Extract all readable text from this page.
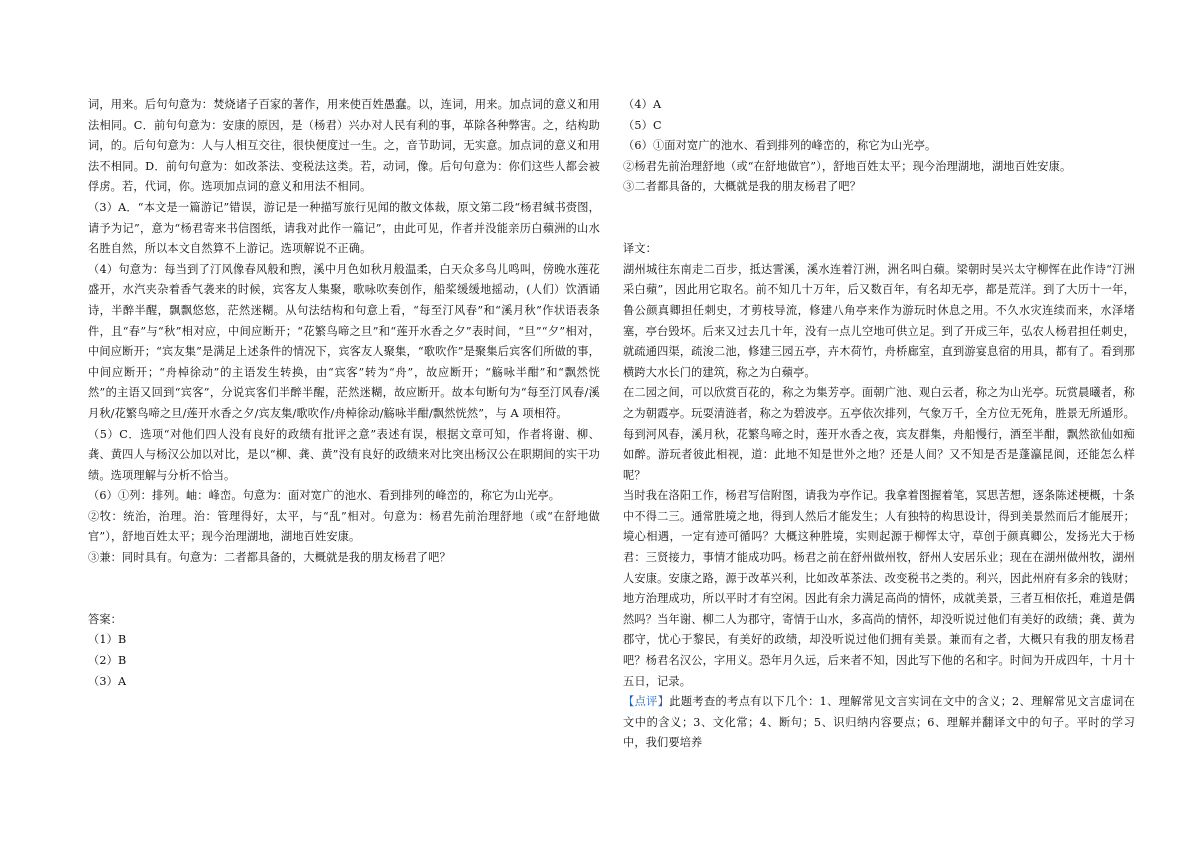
词，用来。后句句意为：焚烧诸子百家的著作，用来使百姓愚蠢。以，连词，用来。加点词的意义和用法相同。C．前句句意为：安康的原因，是（杨君）兴办对人民有利的事，革除各种弊害。之，结构助词，的。后句句意为：人与人相互交往，很快便度过一生。之，音节助词，无实意。加点词的意义和用法不相同。D．前句句意为：如改茶法、变税法这类。若，动词，像。后句句意为：你们这些人都会被俘虏。若，代词，你。选项加点词的意义和用法不相同。

（3）A．“本文是一篇游记”错误，游记是一种描写旅行见闻的散文体裁，原文第二段“杨君缄书赍图，请予为记”，意为“杨君寄来书信图纸，请我对此作一篇记”，由此可见，作者并没能亲历白蘋洲的山水名胜自然，所以本文自然算不上游记。选项解说不正确。

（4）句意为：每当到了汀风像春风般和煦，溪中月色如秋月般温柔，白天众多鸟儿鸣叫，傍晚水莲花盛开，水汽夹杂着香气袭来的时候，宾客友人集聚，歌咏吹奏创作，船桨缓缓地摇动，(人们）饮酒诵诗，半醉半醒，飘飘悠悠，茫然迷糊。从句法结构和句意上看，“每至汀风春”和“溪月秋”作状语表条件，且“春”与“秋”相对应，中间应断开；“花繁鸟啼之旦”和“莲开水香之夕”表时间，“旦”“夕”相对，中间应断开；“宾友集”是满足上述条件的情况下，宾客友人聚集，“歌吹作”是聚集后宾客们所做的事，中间应断开；“舟棹徐动”的主语发生转换，由“宾客”转为“舟”，故应断开；“觞咏半酣”和“飘然恍然”的主语又回到“宾客”，分说宾客们半醉半醒，茫然迷糊，故应断开。故本句断句为“每至汀风春/溪月秋/花繁鸟啼之旦/莲开水香之夕/宾友集/歌吹作/舟棹徐动/觞咏半酣/飘然恍然”，与 A 项相符。

（5）C．选项“对他们四人没有良好的政绩有批评之意”表述有误，根据文章可知，作者将谢、柳、龚、黄四人与杨汉公加以对比，是以“柳、龚、黄”没有良好的政绩来对比突出杨汉公在职期间的实干功绩。选项理解与分析不恰当。

（6）①列：排列。岫：峰峦。句意为：面对宽广的池水、看到排列的峰峦的，称它为山光亭。

②牧：统治，治理。治：管理得好，太平，与“乱”相对。句意为：杨君先前治理舒地（或“在舒地做官”），舒地百姓太平；现今治理湖地，湖地百姓安康。

③兼：同时具有。句意为：二者都具备的，大概就是我的朋友杨君了吧？

答案：

（1）B

（2）B

（3）A

（4）A

（5）C

（6）①面对宽广的池水、看到排列的峰峦的，称它为山光亭。

②杨君先前治理舒地（或“在舒地做官”），舒地百姓太平；现今治理湖地，湖地百姓安康。

③二者都具备的，大概就是我的朋友杨君了吧？

译文：

湖州城往东南走二百步，抵达霅溪，溪水连着汀洲，洲名叫白蘋。梁朝时吴兴太守柳恽在此作诗“汀洲采白蘋”，因此用它取名。前不知几十万年，后又数百年，有名却无亭，都是荒洋。到了大历十一年，鲁公颜真卿担任刺史，才剪枝导流，修建八角亭来作为游玩时休息之用。不久水灾连续而来，水泽堵塞，亭台毁坏。后来又过去几十年，没有一点儿空地可供立足。到了开成三年，弘农人杨君担任刺史，就疏通四渠，疏浚二池，修建三园五亭，卉木荷竹，舟桥廊室，直到游宴息宿的用具，都有了。看到那横跨大水长门的建筑，称之为白蘋亭。

在二园之间，可以欣赏百花的，称之为集芳亭。面朝广池、观白云者，称之为山光亭。玩赏晨曦者，称之为朝霞亭。玩耍清涟者，称之为碧波亭。五亭依次排列，气象万千，全方位无死角，胜景无所遁形。每到河风春，溪月秋，花繁鸟啼之时，莲开水香之夜，宾友群集，舟船慢行，酒至半酣，飘然欲仙如痴如醉。游玩者彼此相视，道：此地不知是世外之地？还是人间？又不知是否是蓬瀛昆阆，还能怎么样呢？

当时我在洛阳工作，杨君写信附图，请我为亭作记。我拿着图握着笔，冥思苦想，逐条陈述梗概，十条中不得二三。通常胜境之地，得到人然后才能发生；人有独特的构思设计，得到美景然而后才能展开；境心相遇，一定有迹可循吗？大概这种胜境，实则起源于柳恽太守，草创于颜真卿公，发扬光大于杨君：三贤接力，事情才能成功吗。杨君之前在舒州做州牧，舒州人安居乐业；现在在湖州做州牧，湖州人安康。安康之路，源于改革兴利，比如改革茶法、改变税书之类的。利兴，因此州府有多余的钱财；地方治理成功，所以平时才有空闲。因此有余力满足高尚的情怀，成就美景，三者互相依托，难道是偶然吗？当年谢、柳二人为郡守，寄情于山水，多高尚的情怀，却没听说过他们有美好的政绩；龚、黄为郡守，忧心于黎民，有美好的政绩，却没听说过他们拥有美景。兼而有之者，大概只有我的朋友杨君吧？杨君名汉公，字用义。恐年月久远，后来者不知，因此写下他的名和字。时间为开成四年，十月十五日，记录。

【点评】此题考查的考点有以下几个：1、理解常见文言实词在文中的含义；2、理解常见文言虚词在文中的含义；3、文化常；4、断句；5、识归纳内容要点；6、理解并翻译文中的句子。平时的学习中，我们要培养
